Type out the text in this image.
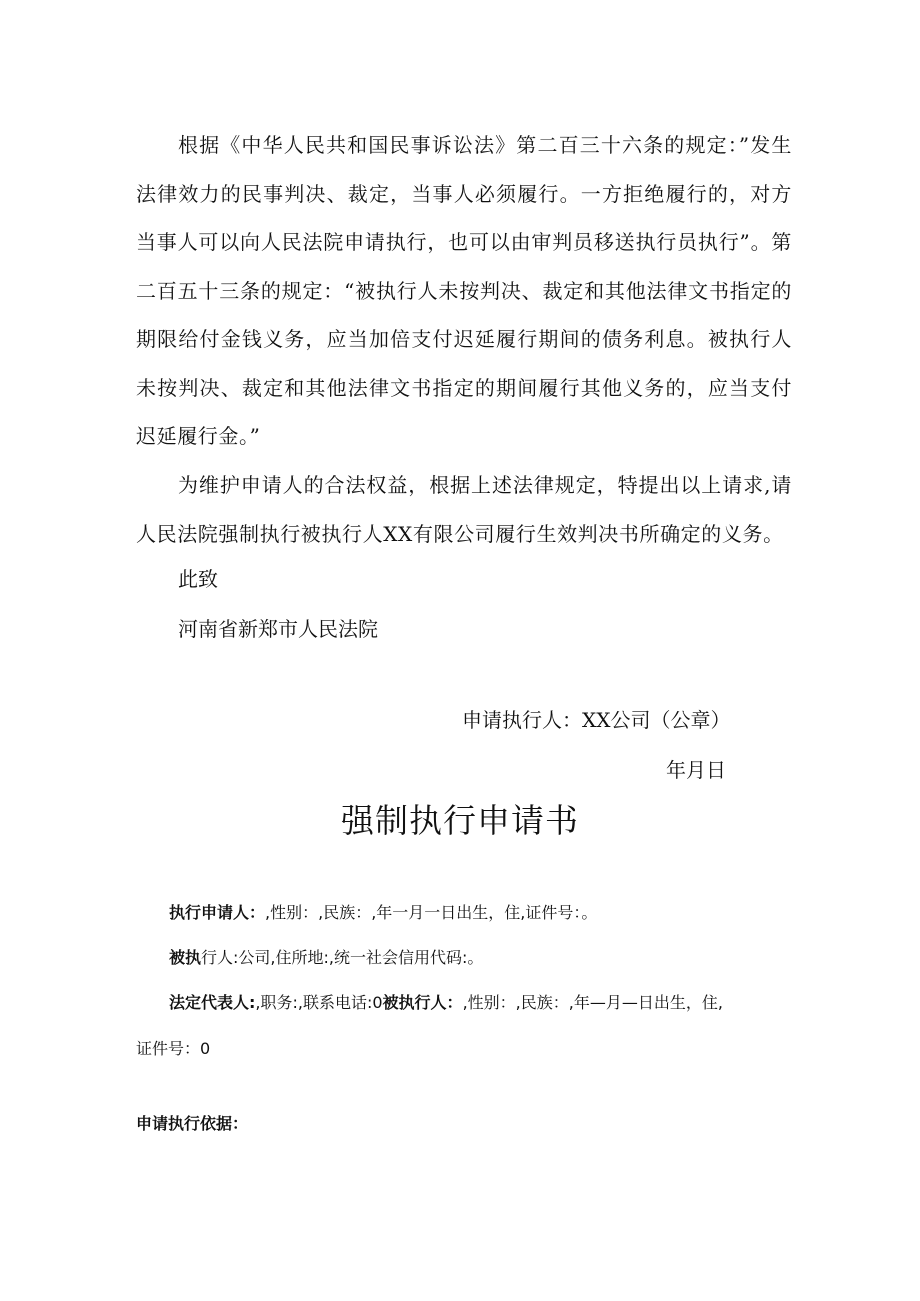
根据《中华人民共和国民事诉讼法》第二百三十六条的规定：”发生法律效力的民事判决、裁定，当事人必须履行。一方拒绝履行的，对方当事人可以向人民法院申请执行，也可以由审判员移送执行员执行”。第二百五十三条的规定：“被执行人未按判决、裁定和其他法律文书指定的期限给付金钱义务，应当加倍支付迟延履行期间的债务利息。被执行人未按判决、裁定和其他法律文书指定的期间履行其他义务的，应当支付迟延履行金。”

为维护申请人的合法权益，根据上述法律规定，特提出以上请求,请人民法院强制执行被执行人XX有限公司履行生效判决书所确定的义务。

此致

河南省新郑市人民法院

申请执行人：XX公司（公章）

年月日

强制执行申请书

执行申请人：,性别：,民族：,年一月一日出生，住,证件号：。

被执行人:公司,住所地:,统一社会信用代码:。

法定代表人:,职务:,联系电话:0被执行人：,性别：,民族：,年—月—日出生，住,证件号：0

申请执行依据：
